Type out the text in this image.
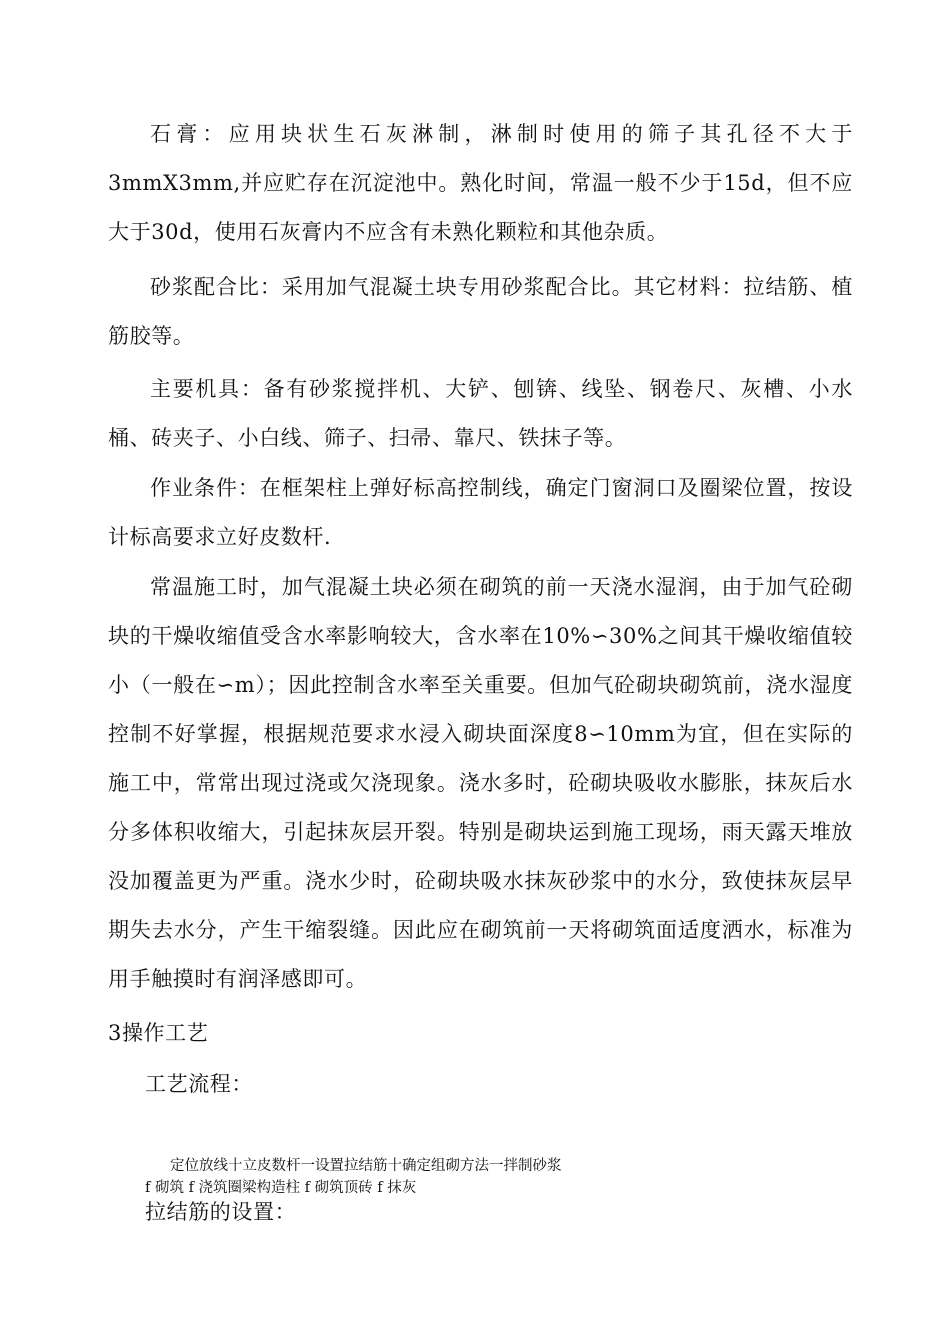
石膏：应用块状生石灰淋制，淋制时使用的筛子其孔径不大于3mmX3mm,并应贮存在沉淀池中。熟化时间，常温一般不少于15d，但不应大于30d，使用石灰膏内不应含有未熟化颗粒和其他杂质。

砂浆配合比：采用加气混凝土块专用砂浆配合比。其它材料：拉结筋、植筋胶等。

主要机具：备有砂浆搅拌机、大铲、刨锛、线坠、钢卷尺、灰槽、小水桶、砖夹子、小白线、筛子、扫帚、靠尺、铁抹子等。

作业条件：在框架柱上弹好标高控制线，确定门窗洞口及圈梁位置，按设计标高要求立好皮数杆.

常温施工时，加气混凝土块必须在砌筑的前一天浇水湿润，由于加气砼砌块的干燥收缩值受含水率影响较大，含水率在10%∽30%之间其干燥收缩值较小（一般在∽m）；因此控制含水率至关重要。但加气砼砌块砌筑前，浇水湿度控制不好掌握，根据规范要求水浸入砌块面深度8∽10mm为宜，但在实际的施工中，常常出现过浇或欠浇现象。浇水多时，砼砌块吸收水膨胀，抹灰后水分多体积收缩大，引起抹灰层开裂。特别是砌块运到施工现场，雨天露天堆放没加覆盖更为严重。浇水少时，砼砌块吸水抹灰砂浆中的水分，致使抹灰层早期失去水分，产生干缩裂缝。因此应在砌筑前一天将砌筑面适度洒水，标准为用手触摸时有润泽感即可。

3操作工艺
工艺流程：
定位放线十立皮数杆一设置拉结筋十确定组砌方法一拌制砂浆
f 砌筑 f 浇筑圈梁构造柱 f 砌筑顶砖 f 抹灰
拉结筋的设置：
